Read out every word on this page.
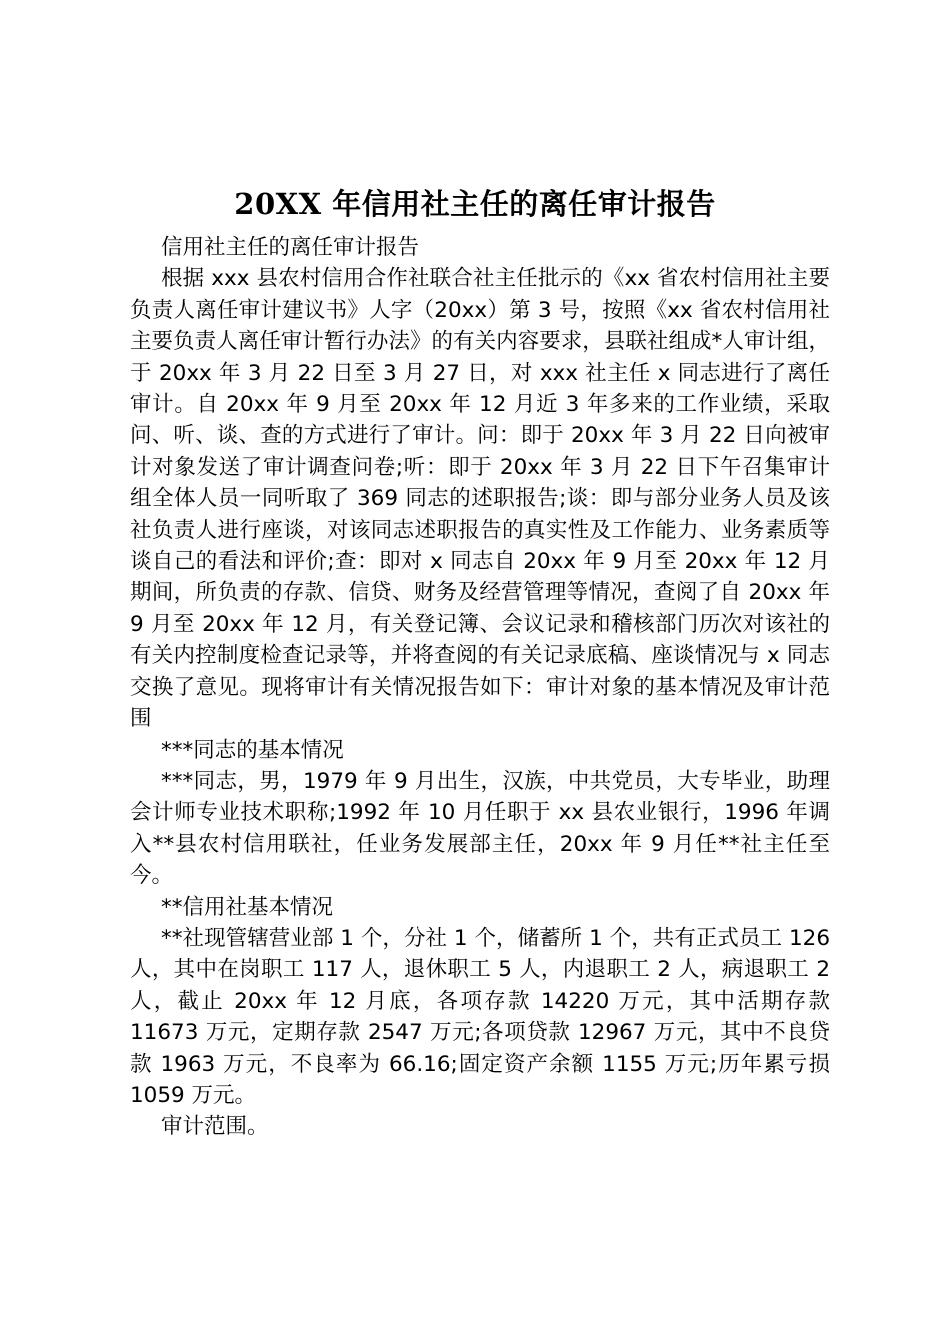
20XX 年信用社主任的离任审计报告

信用社主任的离任审计报告

根据 xxx 县农村信用合作社联合社主任批示的《xx 省农村信用社主要负责人离任审计建议书》人字（20xx）第 3 号，按照《xx 省农村信用社主要负责人离任审计暂行办法》的有关内容要求，县联社组成*人审计组，于 20xx 年 3 月 22 日至 3 月 27 日，对 xxx 社主任 x 同志进行了离任审计。自 20xx 年 9 月至 20xx 年 12 月近 3 年多来的工作业绩，采取问、听、谈、查的方式进行了审计。问：即于 20xx 年 3 月 22 日向被审计对象发送了审计调查问卷;听：即于 20xx 年 3 月 22 日下午召集审计组全体人员一同听取了 369 同志的述职报告;谈：即与部分业务人员及该社负责人进行座谈，对该同志述职报告的真实性及工作能力、业务素质等谈自己的看法和评价;查：即对 x 同志自 20xx 年 9 月至 20xx 年 12 月期间，所负责的存款、信贷、财务及经营管理等情况，查阅了自 20xx 年 9 月至 20xx 年 12 月，有关登记簿、会议记录和稽核部门历次对该社的有关内控制度检查记录等，并将查阅的有关记录底稿、座谈情况与 x 同志交换了意见。现将审计有关情况报告如下：审计对象的基本情况及审计范围

***同志的基本情况

***同志，男，1979 年 9 月出生，汉族，中共党员，大专毕业，助理会计师专业技术职称;1992 年 10 月任职于 xx 县农业银行，1996 年调入**县农村信用联社，任业务发展部主任，20xx 年 9 月任**社主任至今。

**信用社基本情况

**社现管辖营业部 1 个，分社 1 个，储蓄所 1 个，共有正式员工 126 人，其中在岗职工 117 人，退休职工 5 人，内退职工 2 人，病退职工 2 人，截止 20xx 年 12 月底，各项存款 14220 万元，其中活期存款 11673 万元，定期存款 2547 万元;各项贷款 12967 万元，其中不良贷款 1963 万元，不良率为 66.16;固定资产余额 1155 万元;历年累亏损 1059 万元。

审计范围。
